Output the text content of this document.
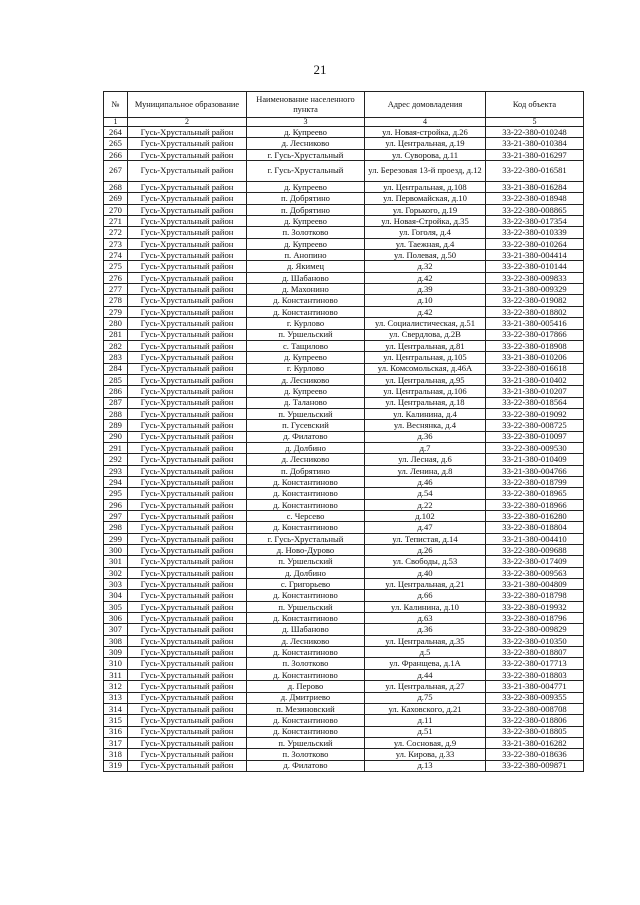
21
№	Муниципальное образование	Наименование населенного пункта	Адрес домовладения	Код объекта
1	2	3	4	5
264	Гусь-Хрустальный район	д. Купреево	ул. Новая-стройка, д.26	33-22-380-010248
265	Гусь-Хрустальный район	д. Лесниково	ул. Центральная, д.19	33-21-380-010384
266	Гусь-Хрустальный район	г. Гусь-Хрустальный	ул. Суворова, д.11	33-21-380-016297
267	Гусь-Хрустальный район	г. Гусь-Хрустальный	ул. Березовая 13-й проезд, д.12	33-22-380-016581
268	Гусь-Хрустальный район	д. Купреево	ул. Центральная, д.108	33-21-380-016284
269	Гусь-Хрустальный район	п. Добрятино	ул. Первомайская, д.10	33-22-380-018948
270	Гусь-Хрустальный район	п. Добрятино	ул. Горького, д.19	33-22-380-008865
271	Гусь-Хрустальный район	д. Купреево	ул. Новая-Стройка, д.35	33-22-380-017354
272	Гусь-Хрустальный район	п. Золотково	ул. Гоголя, д.4	33-22-380-010339
273	Гусь-Хрустальный район	д. Купреево	ул. Таежная, д.4	33-22-380-010264
274	Гусь-Хрустальный район	п. Анопино	ул. Полевая, д.50	33-21-380-004414
275	Гусь-Хрустальный район	д. Якимец	д.32	33-22-380-010144
276	Гусь-Хрустальный район	д. Шабаново	д.42	33-22-380-009833
277	Гусь-Хрустальный район	д. Махонино	д.39	33-21-380-009329
278	Гусь-Хрустальный район	д. Константиново	д.10	33-22-380-019082
279	Гусь-Хрустальный район	д. Константиново	д.42	33-22-380-018802
280	Гусь-Хрустальный район	г. Курлово	ул. Социалистическая, д.51	33-21-380-005416
281	Гусь-Хрустальный район	п. Уршельский	ул. Свердлова, д.2В	33-22-380-017866
282	Гусь-Хрустальный район	с. Тащилово	ул. Центральная, д.81	33-22-380-018908
283	Гусь-Хрустальный район	д. Купреево	ул. Центральная, д.105	33-21-380-010206
284	Гусь-Хрустальный район	г. Курлово	ул. Комсомольская, д.46А	33-22-380-016618
285	Гусь-Хрустальный район	д. Лесниково	ул. Центральная, д.95	33-21-380-010402
286	Гусь-Хрустальный район	д. Купреево	ул. Центральная, д.106	33-21-380-010207
287	Гусь-Хрустальный район	д. Таланово	ул. Центральная, д.18	33-22-380-018564
288	Гусь-Хрустальный район	п. Уршельский	ул. Калинина, д.4	33-22-380-019092
289	Гусь-Хрустальный район	п. Гусевский	ул. Веснянка, д.4	33-22-380-008725
290	Гусь-Хрустальный район	д. Филатово	д.36	33-22-380-010097
291	Гусь-Хрустальный район	д. Долбино	д.7	33-22-380-009530
292	Гусь-Хрустальный район	д. Лесниково	ул. Лесная, д.6	33-21-380-010409
293	Гусь-Хрустальный район	п. Добрятино	ул. Ленина, д.8	33-21-380-004766
294	Гусь-Хрустальный район	д. Константиново	д.46	33-22-380-018799
295	Гусь-Хрустальный район	д. Константиново	д.54	33-22-380-018965
296	Гусь-Хрустальный район	д. Константиново	д.22	33-22-380-018966
297	Гусь-Хрустальный район	с. Черсево	д.102	33-22-380-016280
298	Гусь-Хрустальный район	д. Константиново	д.47	33-22-380-018804
299	Гусь-Хрустальный район	г. Гусь-Хрустальный	ул. Тепистая, д.14	33-21-380-004410
300	Гусь-Хрустальный район	д. Ново-Дурово	д.26	33-22-380-009688
301	Гусь-Хрустальный район	п. Уршельский	ул. Свободы, д.53	33-22-380-017409
302	Гусь-Хрустальный район	д. Долбино	д.40	33-22-380-009563
303	Гусь-Хрустальный район	с. Григорьево	ул. Центральная, д.21	33-21-380-004809
304	Гусь-Хрустальный район	д. Константиново	д.66	33-22-380-018798
305	Гусь-Хрустальный район	п. Уршельский	ул. Калинина, д.10	33-22-380-019932
306	Гусь-Хрустальный район	д. Константиново	д.63	33-22-380-018796
307	Гусь-Хрустальный район	д. Шабаново	д.36	33-22-380-009829
308	Гусь-Хрустальный район	д. Лесниково	ул. Центральная, д.35	33-22-380-010350
309	Гусь-Хрустальный район	д. Константиново	д.5	33-22-380-018807
310	Гусь-Хрустальный район	п. Золотково	ул. Франщева, д.1А	33-22-380-017713
311	Гусь-Хрустальный район	д. Константиново	д.44	33-22-380-018803
312	Гусь-Хрустальный район	д. Перово	ул. Центральная, д.27	33-21-380-004771
313	Гусь-Хрустальный район	д. Дмитриево	д.75	33-22-380-009355
314	Гусь-Хрустальный район	п. Мезиновский	ул. Каховского, д.21	33-22-380-008708
315	Гусь-Хрустальный район	д. Константиново	д.11	33-22-380-018806
316	Гусь-Хрустальный район	д. Константиново	д.51	33-22-380-018805
317	Гусь-Хрустальный район	п. Уршельский	ул. Сосновая, д.9	33-21-380-016282
318	Гусь-Хрустальный район	п. Золотково	ул. Кирова, д.33	33-22-380-018636
319	Гусь-Хрустальный район	д. Филатово	д.13	33-22-380-009871
